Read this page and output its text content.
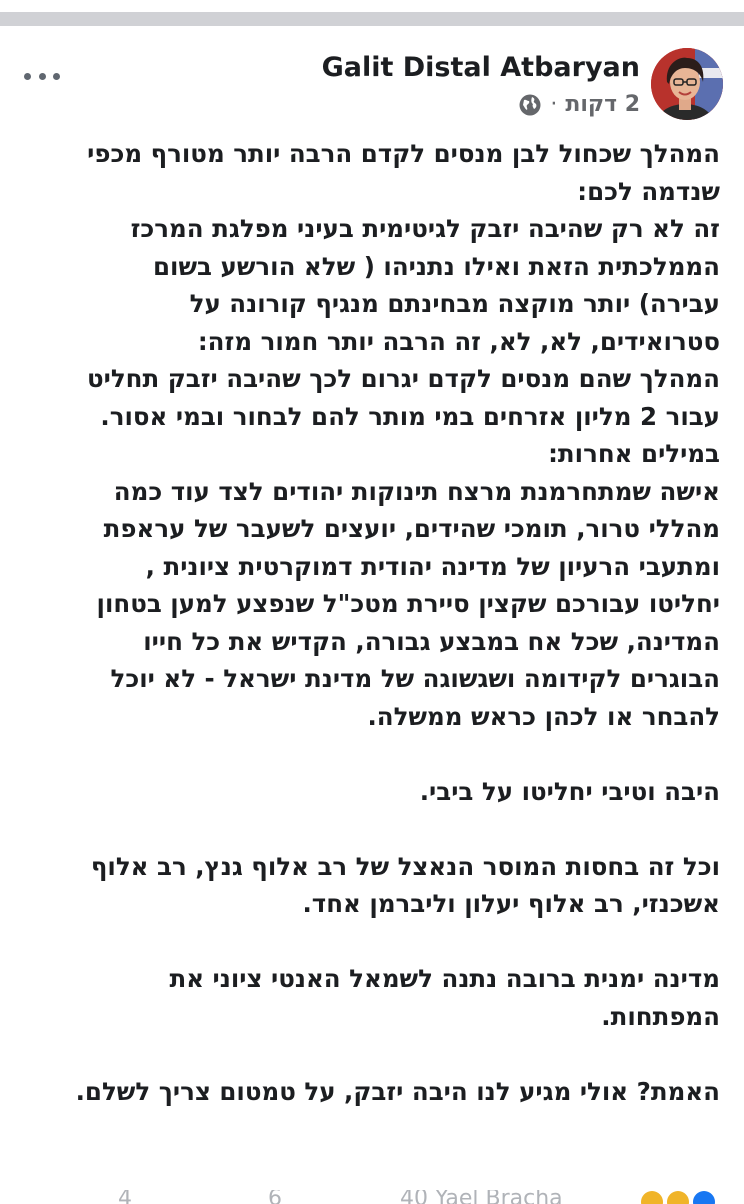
Galit Distal Atbaryan
2 דקות
·
המהלך שכחול לבן מנסים לקדם הרבה יותר מטורף מכפי
שנדמה לכם:
זה לא רק שהיבה יזבק לגיטימית בעיני מפלגת המרכז
הממלכתית הזאת ואילו נתניהו ( שלא הורשע בשום
עבירה) יותר מוקצה מבחינתם מנגיף קורונה על
סטרואידים, לא, לא, זה הרבה יותר חמור מזה:
המהלך שהם מנסים לקדם יגרום לכך שהיבה יזבק תחליט
עבור 2 מליון אזרחים במי מותר להם לבחור ובמי אסור.
במילים אחרות:
אישה שמתחרמנת מרצח תינוקות יהודים לצד עוד כמה
מהללי טרור, תומכי שהידים, יועצים לשעבר של עראפת
ומתעבי הרעיון של מדינה יהודית דמוקרטית ציונית ,
יחליטו עבורכם שקצין סיירת מטכ"ל שנפצע למען בטחון
המדינה, שכל אח במבצע גבורה, הקדיש את כל חייו
הבוגרים לקידומה ושגשוגה של מדינת ישראל - לא יוכל
להבחר או לכהן כראש ממשלה.
היבה וטיבי יחליטו על ביבי.
וכל זה בחסות המוסר הנאצל של רב אלוף גנץ, רב אלוף
אשכנזי, רב אלוף יעלון וליברמן אחד.
מדינה ימנית ברובה נתנה לשמאל האנטי ציוני את
המפתחות.
האמת? אולי מגיע לנו היבה יזבק, על טמטום צריך לשלם.
4	6	40 Yael Bracha
